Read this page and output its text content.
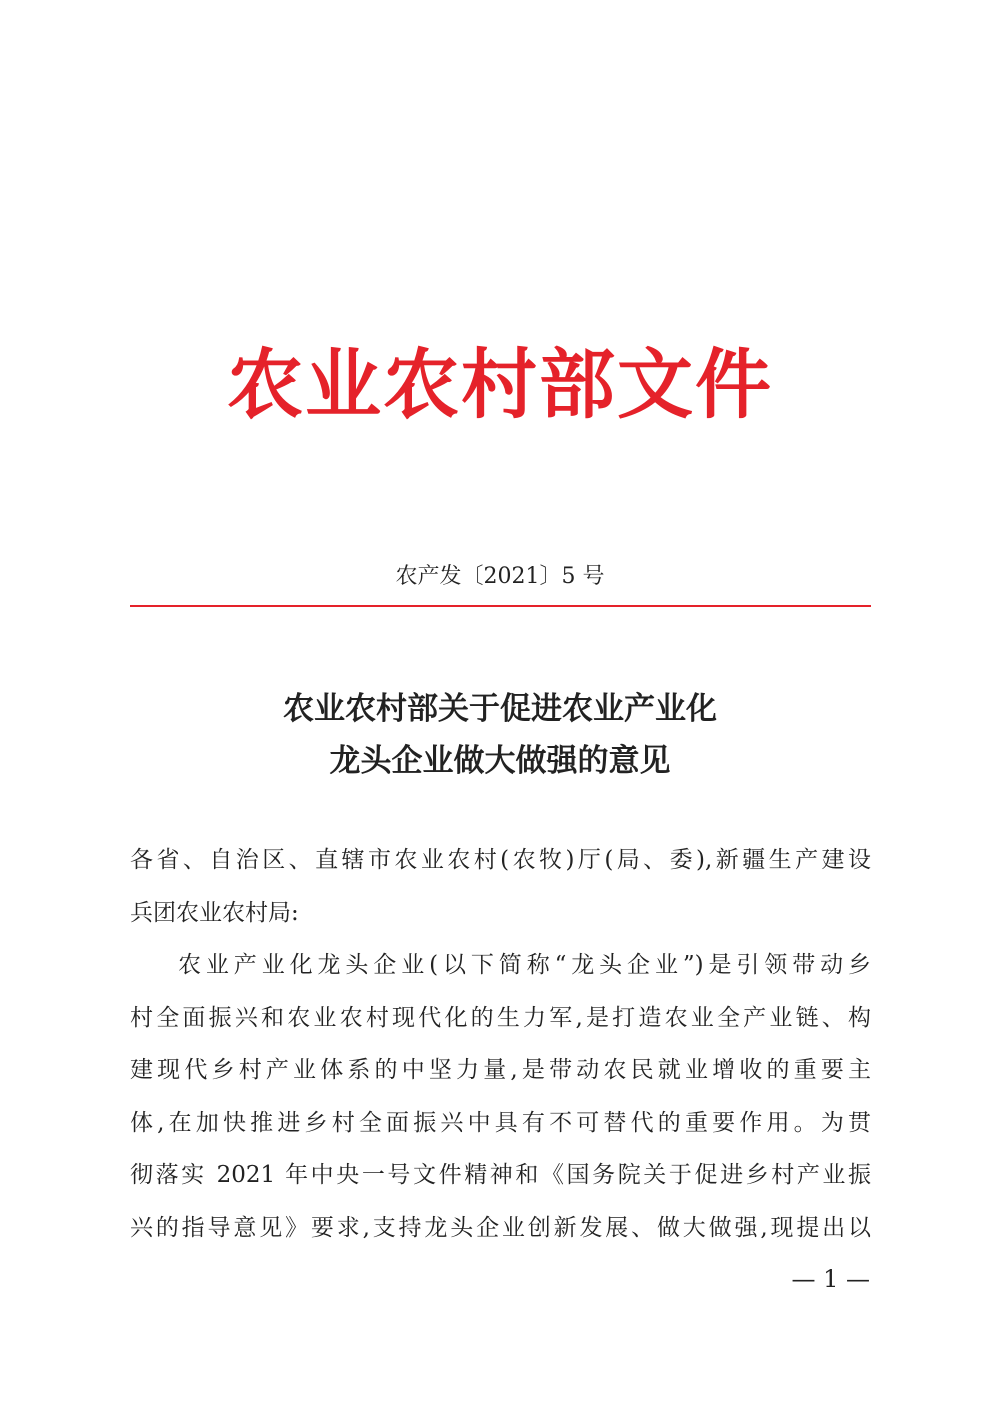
农业农村部文件
农产发〔2021〕5 号
农业农村部关于促进农业产业化
龙头企业做大做强的意见
各省、自治区、直辖市农业农村(农牧)厅(局、委),新疆生产建设
兵团农业农村局:
农业产业化龙头企业(以下简称“龙头企业”)是引领带动乡
村全面振兴和农业农村现代化的生力军,是打造农业全产业链、构
建现代乡村产业体系的中坚力量,是带动农民就业增收的重要主
体,在加快推进乡村全面振兴中具有不可替代的重要作用。为贯
彻落实 2021 年中央一号文件精神和《国务院关于促进乡村产业振
兴的指导意见》要求,支持龙头企业创新发展、做大做强,现提出以
— 1 —
